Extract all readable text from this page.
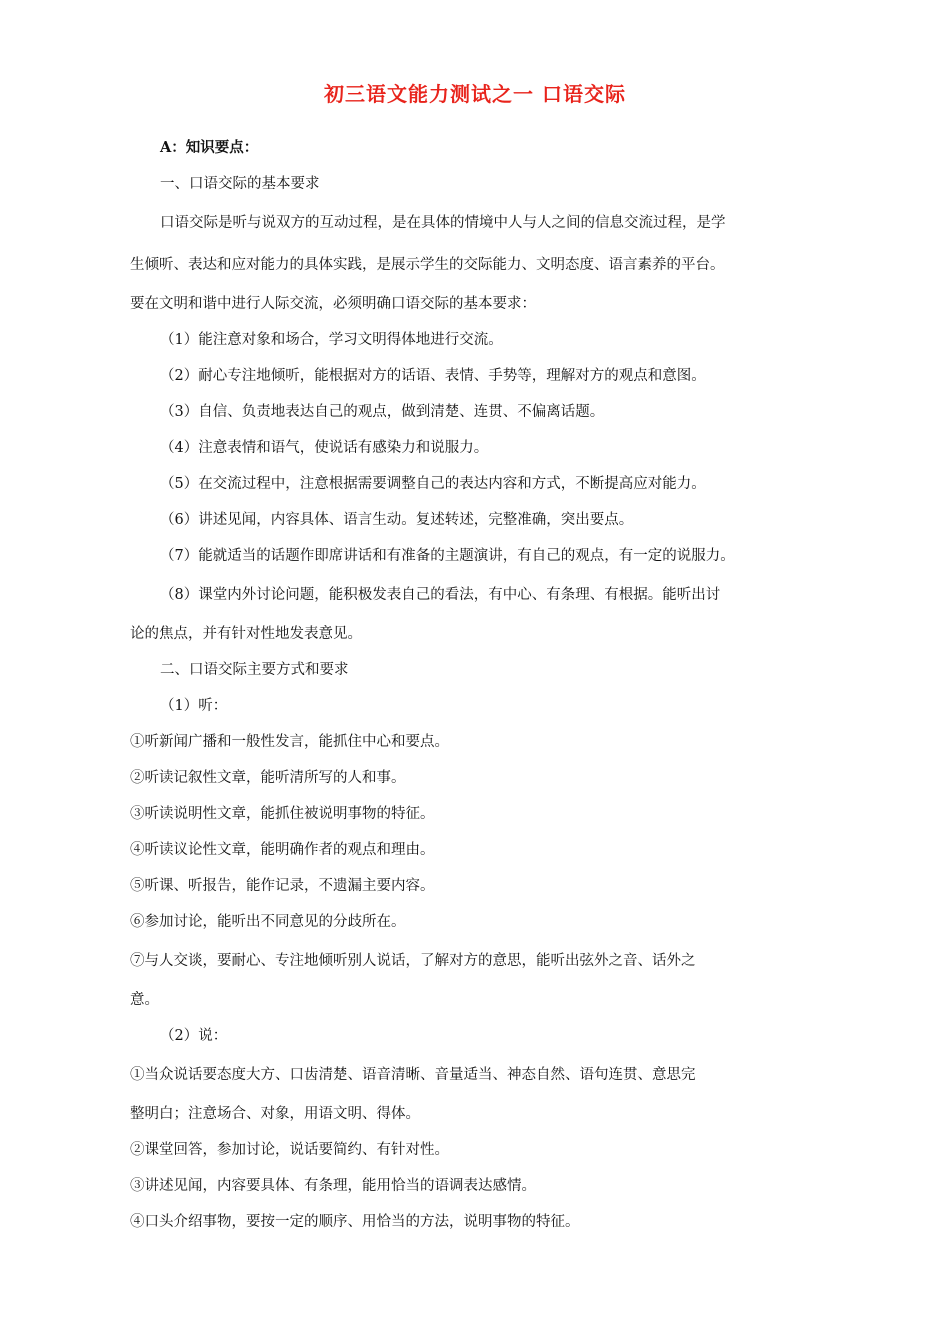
初三语文能力测试之一 口语交际
A：知识要点：
一、口语交际的基本要求
口语交际是听与说双方的互动过程，是在具体的情境中人与人之间的信息交流过程，是学
生倾听、表达和应对能力的具体实践，是展示学生的交际能力、文明态度、语言素养的平台。
要在文明和谐中进行人际交流，必须明确口语交际的基本要求：
（1）能注意对象和场合，学习文明得体地进行交流。
（2）耐心专注地倾听，能根据对方的话语、表情、手势等，理解对方的观点和意图。
（3）自信、负责地表达自己的观点，做到清楚、连贯、不偏离话题。
（4）注意表情和语气，使说话有感染力和说服力。
（5）在交流过程中，注意根据需要调整自己的表达内容和方式，不断提高应对能力。
（6）讲述见闻，内容具体、语言生动。复述转述，完整准确，突出要点。
（7）能就适当的话题作即席讲话和有准备的主题演讲，有自己的观点，有一定的说服力。
（8）课堂内外讨论问题，能积极发表自己的看法，有中心、有条理、有根据。能听出讨
论的焦点，并有针对性地发表意见。
二、口语交际主要方式和要求
（1）听：
①听新闻广播和一般性发言，能抓住中心和要点。
②听读记叙性文章，能听清所写的人和事。
③听读说明性文章，能抓住被说明事物的特征。
④听读议论性文章，能明确作者的观点和理由。
⑤听课、听报告，能作记录，不遗漏主要内容。
⑥参加讨论，能听出不同意见的分歧所在。
⑦与人交谈，要耐心、专注地倾听别人说话，了解对方的意思，能听出弦外之音、话外之
意。
（2）说：
①当众说话要态度大方、口齿清楚、语音清晰、音量适当、神态自然、语句连贯、意思完
整明白；注意场合、对象，用语文明、得体。
②课堂回答，参加讨论，说话要简约、有针对性。
③讲述见闻，内容要具体、有条理，能用恰当的语调表达感情。
④口头介绍事物，要按一定的顺序、用恰当的方法，说明事物的特征。
